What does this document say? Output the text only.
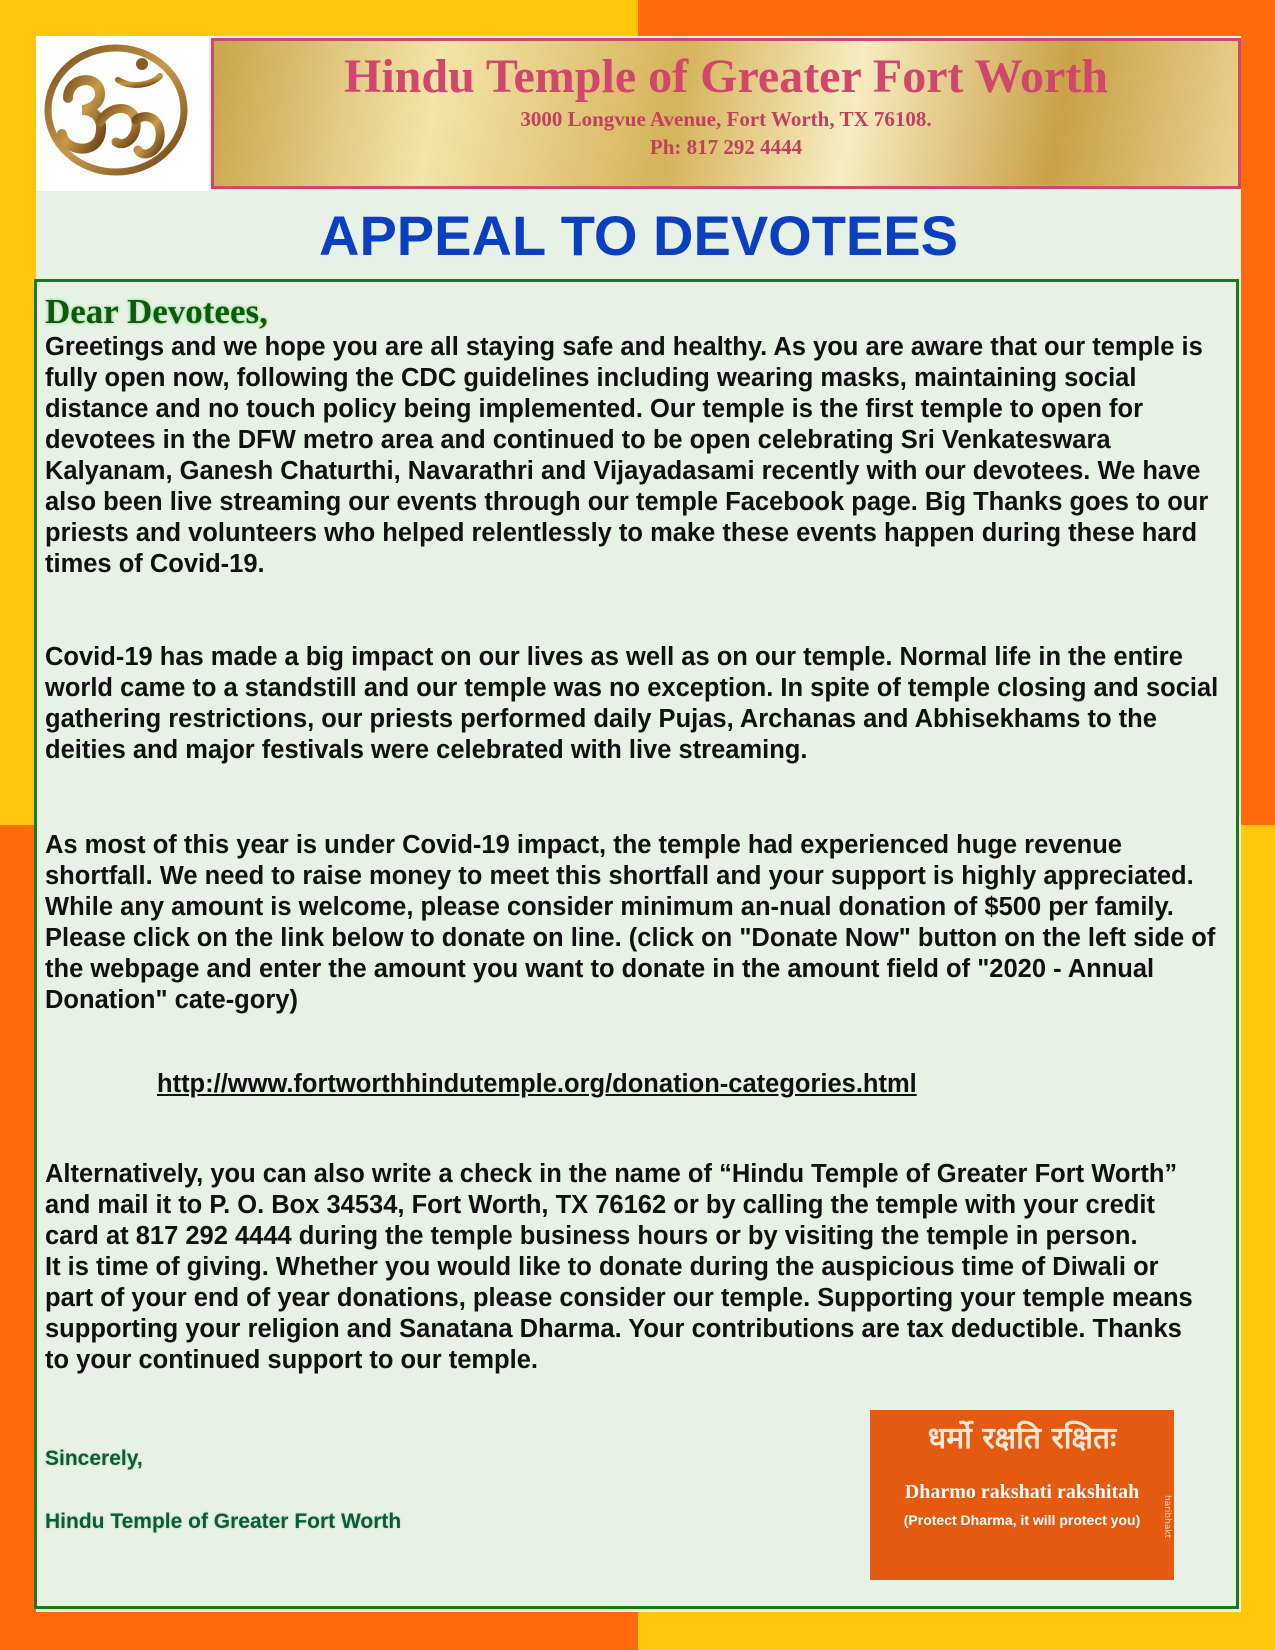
Hindu Temple of Greater Fort Worth
3000 Longvue Avenue, Fort Worth, TX 76108.
Ph: 817 292 4444
APPEAL TO DEVOTEES
Dear Devotees,
Greetings and we hope you are all staying safe and healthy. As you are aware that our temple is fully open now, following the CDC guidelines including wearing masks, maintaining social distance and no touch policy being implemented. Our temple is the first temple to open for devotees in the DFW metro area and continued to be open celebrating Sri Venkateswara Kalyanam, Ganesh Chaturthi, Navarathri and Vijayadasami recently with our devotees. We have also been live streaming our events through our temple Facebook page. Big Thanks goes to our priests and volunteers who helped relentlessly to make these events happen during these hard times of Covid-19.
Covid-19 has made a big impact on our lives as well as on our temple. Normal life in the entire world came to a standstill and our temple was no exception. In spite of temple closing and social gathering restrictions, our priests performed daily Pujas, Archanas and Abhisekhams to the deities and major festivals were celebrated with live streaming.
As most of this year is under Covid-19 impact, the temple had experienced huge revenue shortfall. We need to raise money to meet this shortfall and your support is highly appreciated. While any amount is welcome, please consider minimum an-nual donation of $500 per family. Please click on the link below to donate on line. (click on "Donate Now" button on the left side of the webpage and enter the amount you want to donate in the amount field of "2020 - Annual Donation" cate-gory)
http://www.fortworthhindutemple.org/donation-categories.html
Alternatively, you can also write a check in the name of “Hindu Temple of Greater Fort Worth” and mail it to P. O. Box 34534, Fort Worth, TX 76162 or by calling the temple with your credit card at 817 292 4444 during the temple business hours or by visiting the temple in person.
It is time of giving. Whether you would like to donate during the auspicious time of Diwali or part of your end of year donations, please consider our temple. Supporting your temple means supporting your religion and Sanatana Dharma. Your contributions are tax deductible. Thanks to your continued support to our temple.
Sincerely,
Hindu Temple of Greater Fort Worth
धर्मो रक्षति रक्षितः
Dharmo rakshati rakshitah
(Protect Dharma, it will protect you)	haribhakt
